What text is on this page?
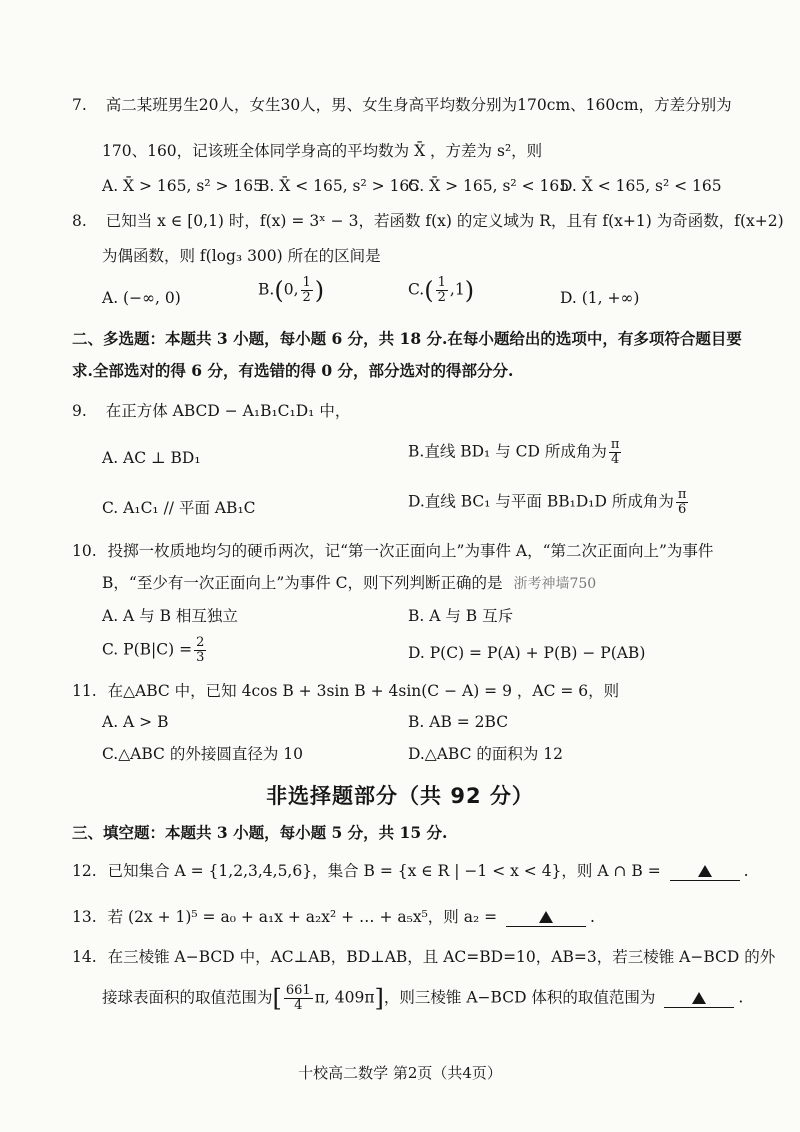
7. 高二某班男生20人，女生30人，男、女生身高平均数分别为170cm、160cm，方差分别为
170、160，记该班全体同学身高的平均数为 X̄ ，方差为 s²，则
A. X̄ > 165, s² > 165
B. X̄ < 165, s² > 165
C. X̄ > 165, s² < 165
D. X̄ < 165, s² < 165
8. 已知当 x ∈ [0,1) 时，f(x) = 3ˣ − 3，若函数 f(x) 的定义域为 R，且有 f(x+1) 为奇函数，f(x+2)
为偶函数，则 f(log₃ 300) 所在的区间是
A. (−∞, 0)	B.(0, $\frac{1}{2}$ )	$C.( \frac{1}{2} ,1)$	D. (1, +∞)
二、多选题：本题共 3 小题，每小题 6 分，共 18 分.在每小题给出的选项中，有多项符合题目要
求.全部选对的得 6 分，有选错的得 0 分，部分选对的得部分分.
9. 在正方体 ABCD − A₁B₁C₁D₁ 中，
A. AC ⊥ BD₁	B.直线 BD₁ 与 CD 所成角为 $\frac{\pi}{4}$
C. A₁C₁ // 平面 AB₁C	D.直线 BC₁ 与平面 BB₁D₁D 所成角为 $\frac{\pi}{6}$
10. 投掷一枚质地均匀的硬币两次，记“第一次正面向上”为事件 A，“第二次正面向上”为事件
B，“至少有一次正面向上”为事件 C，则下列判断正确的是 浙考神墙750
A. A 与 B 相互独立	B. A 与 B 互斥
C. $P(B|C) = \frac{2}{3}$	D. P(C) = P(A) + P(B) − P(AB)
11. 在△ABC 中，已知 4cos B + 3sin B + 4sin(C − A) = 9 ，AC = 6，则
A. A > B	B. AB = 2BC
C.△ABC 的外接圆直径为 10	D.△ABC 的面积为 12
非选择题部分（共 92 分）
三、填空题：本题共 3 小题，每小题 5 分，共 15 分.
12. 已知集合 A = {1,2,3,4,5,6}，集合 B = {x ∈ R | −1 < x < 4}，则 A ∩ B =	.
13. 若 (2x + 1)⁵ = a₀ + a₁x + a₂x² + … + a₅x⁵，则 a₂ =	.
14. 在三棱锥 A−BCD 中，AC⊥AB，BD⊥AB，且 AC=BD=10，AB=3，若三棱锥 A−BCD 的外
接球表面积的取值范围为[ $\frac{661}{4} \pi$, 409π]，则三棱锥 A−BCD 体积的取值范围为	.
十校高二数学 第2页（共4页）
